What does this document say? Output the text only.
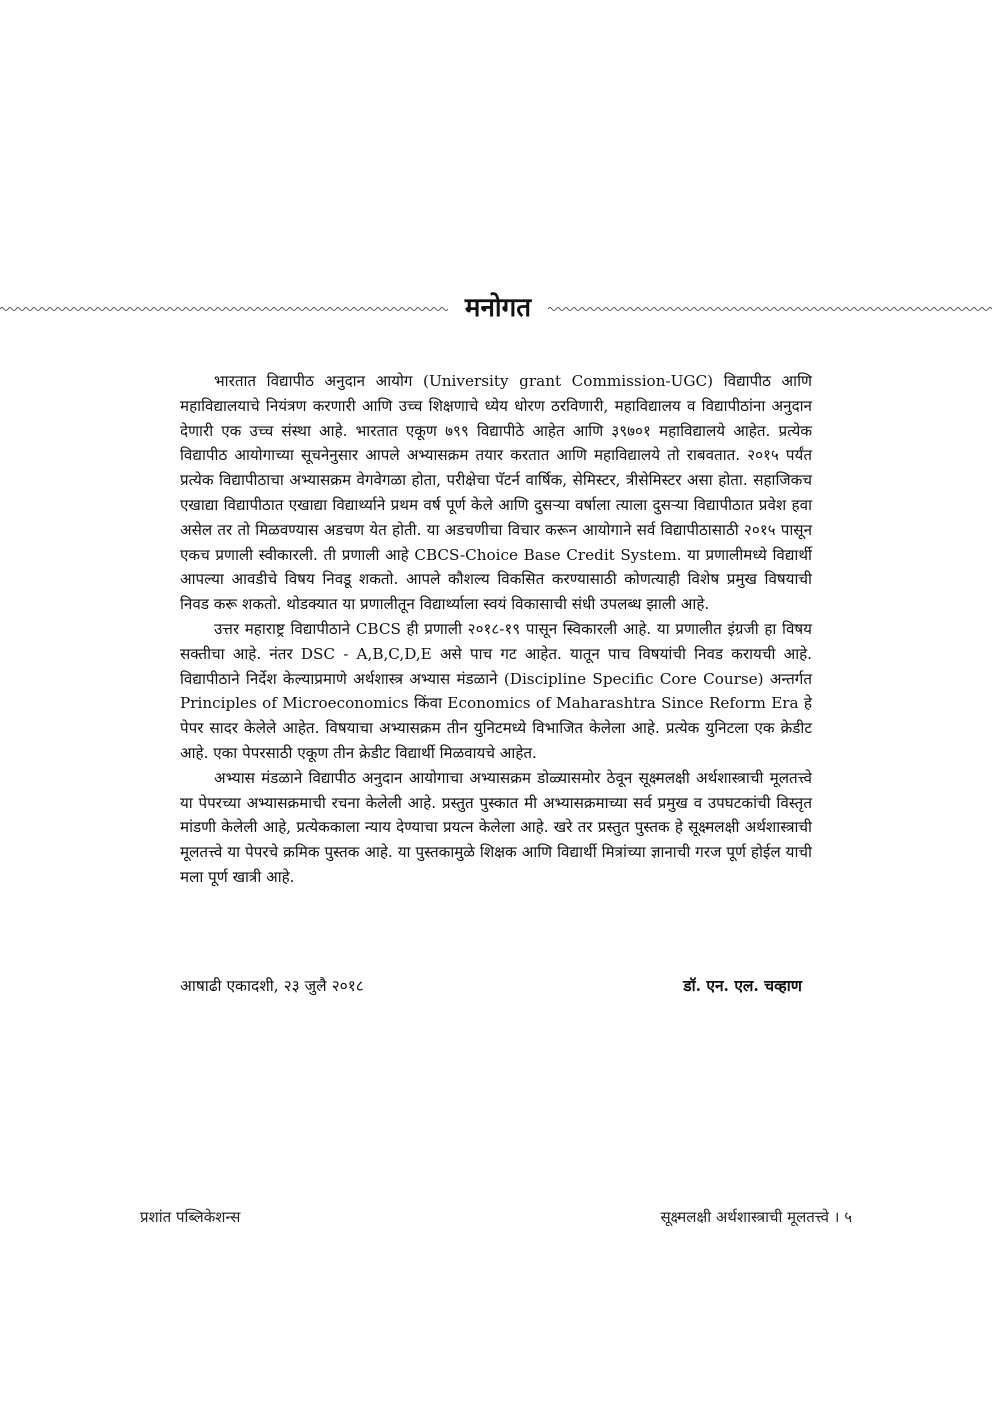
मनोगत

भारतात विद्यापीठ अनुदान आयोग (University grant Commission-UGC) विद्यापीठ आणि महाविद्यालयाचे नियंत्रण करणारी आणि उच्च शिक्षणाचे ध्येय धोरण ठरविणारी, महाविद्यालय व विद्यापीठांना अनुदान देणारी एक उच्च संस्था आहे. भारतात एकूण ७९९ विद्यापीठे आहेत आणि ३९७०१ महाविद्यालये आहेत. प्रत्येक विद्यापीठ आयोगाच्या सूचनेनुसार आपले अभ्यासक्रम तयार करतात आणि महाविद्यालये तो राबवतात. २०१५ पर्यंत प्रत्येक विद्यापीठाचा अभ्यासक्रम वेगवेगळा होता, परीक्षेचा पॅटर्न वार्षिक, सेमिस्टर, त्रीसेमिस्टर असा होता. सहाजिकच एखाद्या विद्यापीठात एखाद्या विद्यार्थ्याने प्रथम वर्ष पूर्ण केले आणि दुसऱ्या वर्षाला त्याला दुसऱ्या विद्यापीठात प्रवेश हवा असेल तर तो मिळवण्यास अडचण येत होती. या अडचणीचा विचार करून आयोगाने सर्व विद्यापीठासाठी २०१५ पासून एकच प्रणाली स्वीकारली. ती प्रणाली आहे CBCS-Choice Base Credit System. या प्रणालीमध्ये विद्यार्थी आपल्या आवडीचे विषय निवडू शकतो. आपले कौशल्य विकसित करण्यासाठी कोणत्याही विशेष प्रमुख विषयाची निवड करू शकतो. थोडक्यात या प्रणालीतून विद्यार्थ्याला स्वयं विकासाची संधी उपलब्ध झाली आहे.

उत्तर महाराष्ट्र विद्यापीठाने CBCS ही प्रणाली २०१८-१९ पासून स्विकारली आहे. या प्रणालीत इंग्रजी हा विषय सक्तीचा आहे. नंतर DSC - A,B,C,D,E असे पाच गट आहेत. यातून पाच विषयांची निवड करायची आहे. विद्यापीठाने निर्देश केल्याप्रमाणे अर्थशास्त्र अभ्यास मंडळाने (Discipline Specific Core Course) अन्तर्गत Principles of Microeconomics किंवा Economics of Maharashtra Since Reform Era हे पेपर सादर केलेले आहेत. विषयाचा अभ्यासक्रम तीन युनिटमध्ये विभाजित केलेला आहे. प्रत्येक युनिटला एक क्रेडीट आहे. एका पेपरसाठी एकूण तीन क्रेडीट विद्यार्थी मिळवायचे आहेत.

अभ्यास मंडळाने विद्यापीठ अनुदान आयोगाचा अभ्यासक्रम डोळ्यासमोर ठेवून सूक्ष्मलक्षी अर्थशास्त्राची मूलतत्त्वे या पेपरच्या अभ्यासक्रमाची रचना केलेली आहे. प्रस्तुत पुस्कात मी अभ्यासक्रमाच्या सर्व प्रमुख व उपघटकांची विस्तृत मांडणी केलेली आहे, प्रत्येककाला न्याय देण्याचा प्रयत्न केलेला आहे. खरे तर प्रस्तुत पुस्तक हे सूक्ष्मलक्षी अर्थशास्त्राची मूलतत्त्वे या पेपरचे क्रमिक पुस्तक आहे. या पुस्तकामुळे शिक्षक आणि विद्यार्थी मित्रांच्या ज्ञानाची गरज पूर्ण होईल याची मला पूर्ण खात्री आहे.

आषाढी एकादशी, २३ जुलै २०१८	डॉ. एन. एल. चव्हाण
प्रशांत पब्लिकेशन्स	सूक्ष्मलक्षी अर्थशास्त्राची मूलतत्त्वे । ५
